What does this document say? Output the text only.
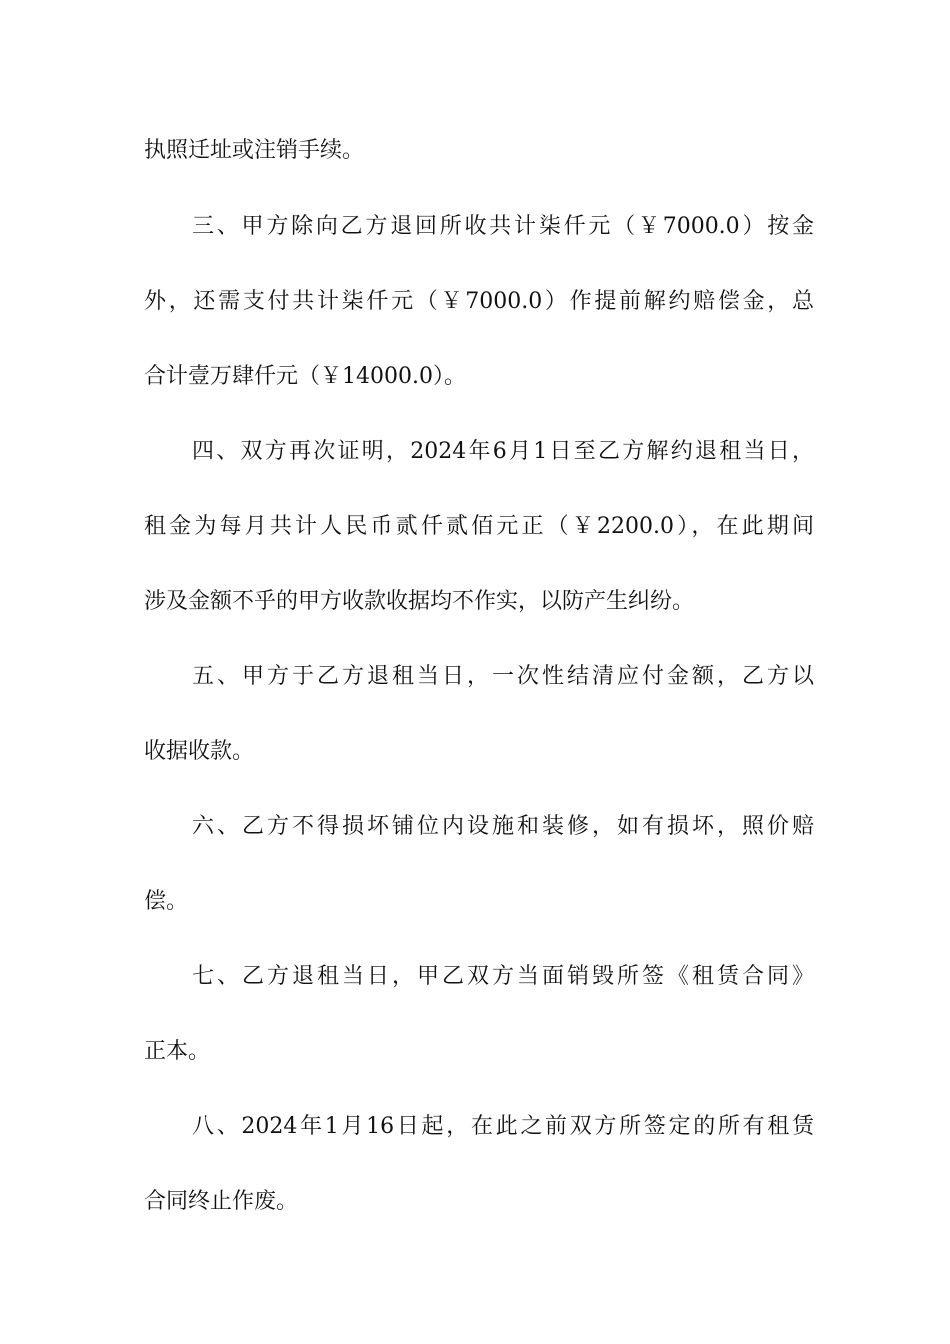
执照迁址或注销手续。
三、甲方除向乙方退回所收共计柒仟元（￥7000.0）按金
外，还需支付共计柒仟元（￥7000.0）作提前解约赔偿金，总
合计壹万肆仟元（￥14000.0）。
四、双方再次证明，2024年6月1日至乙方解约退租当日，
租金为每月共计人民币贰仟贰佰元正（￥2200.0），在此期间
涉及金额不乎的甲方收款收据均不作实，以防产生纠纷。
五、甲方于乙方退租当日，一次性结清应付金额，乙方以
收据收款。
六、乙方不得损坏铺位内设施和装修，如有损坏，照价赔
偿。
七、乙方退租当日，甲乙双方当面销毁所签《租赁合同》
正本。
八、2024年1月16日起，在此之前双方所签定的所有租赁
合同终止作废。
